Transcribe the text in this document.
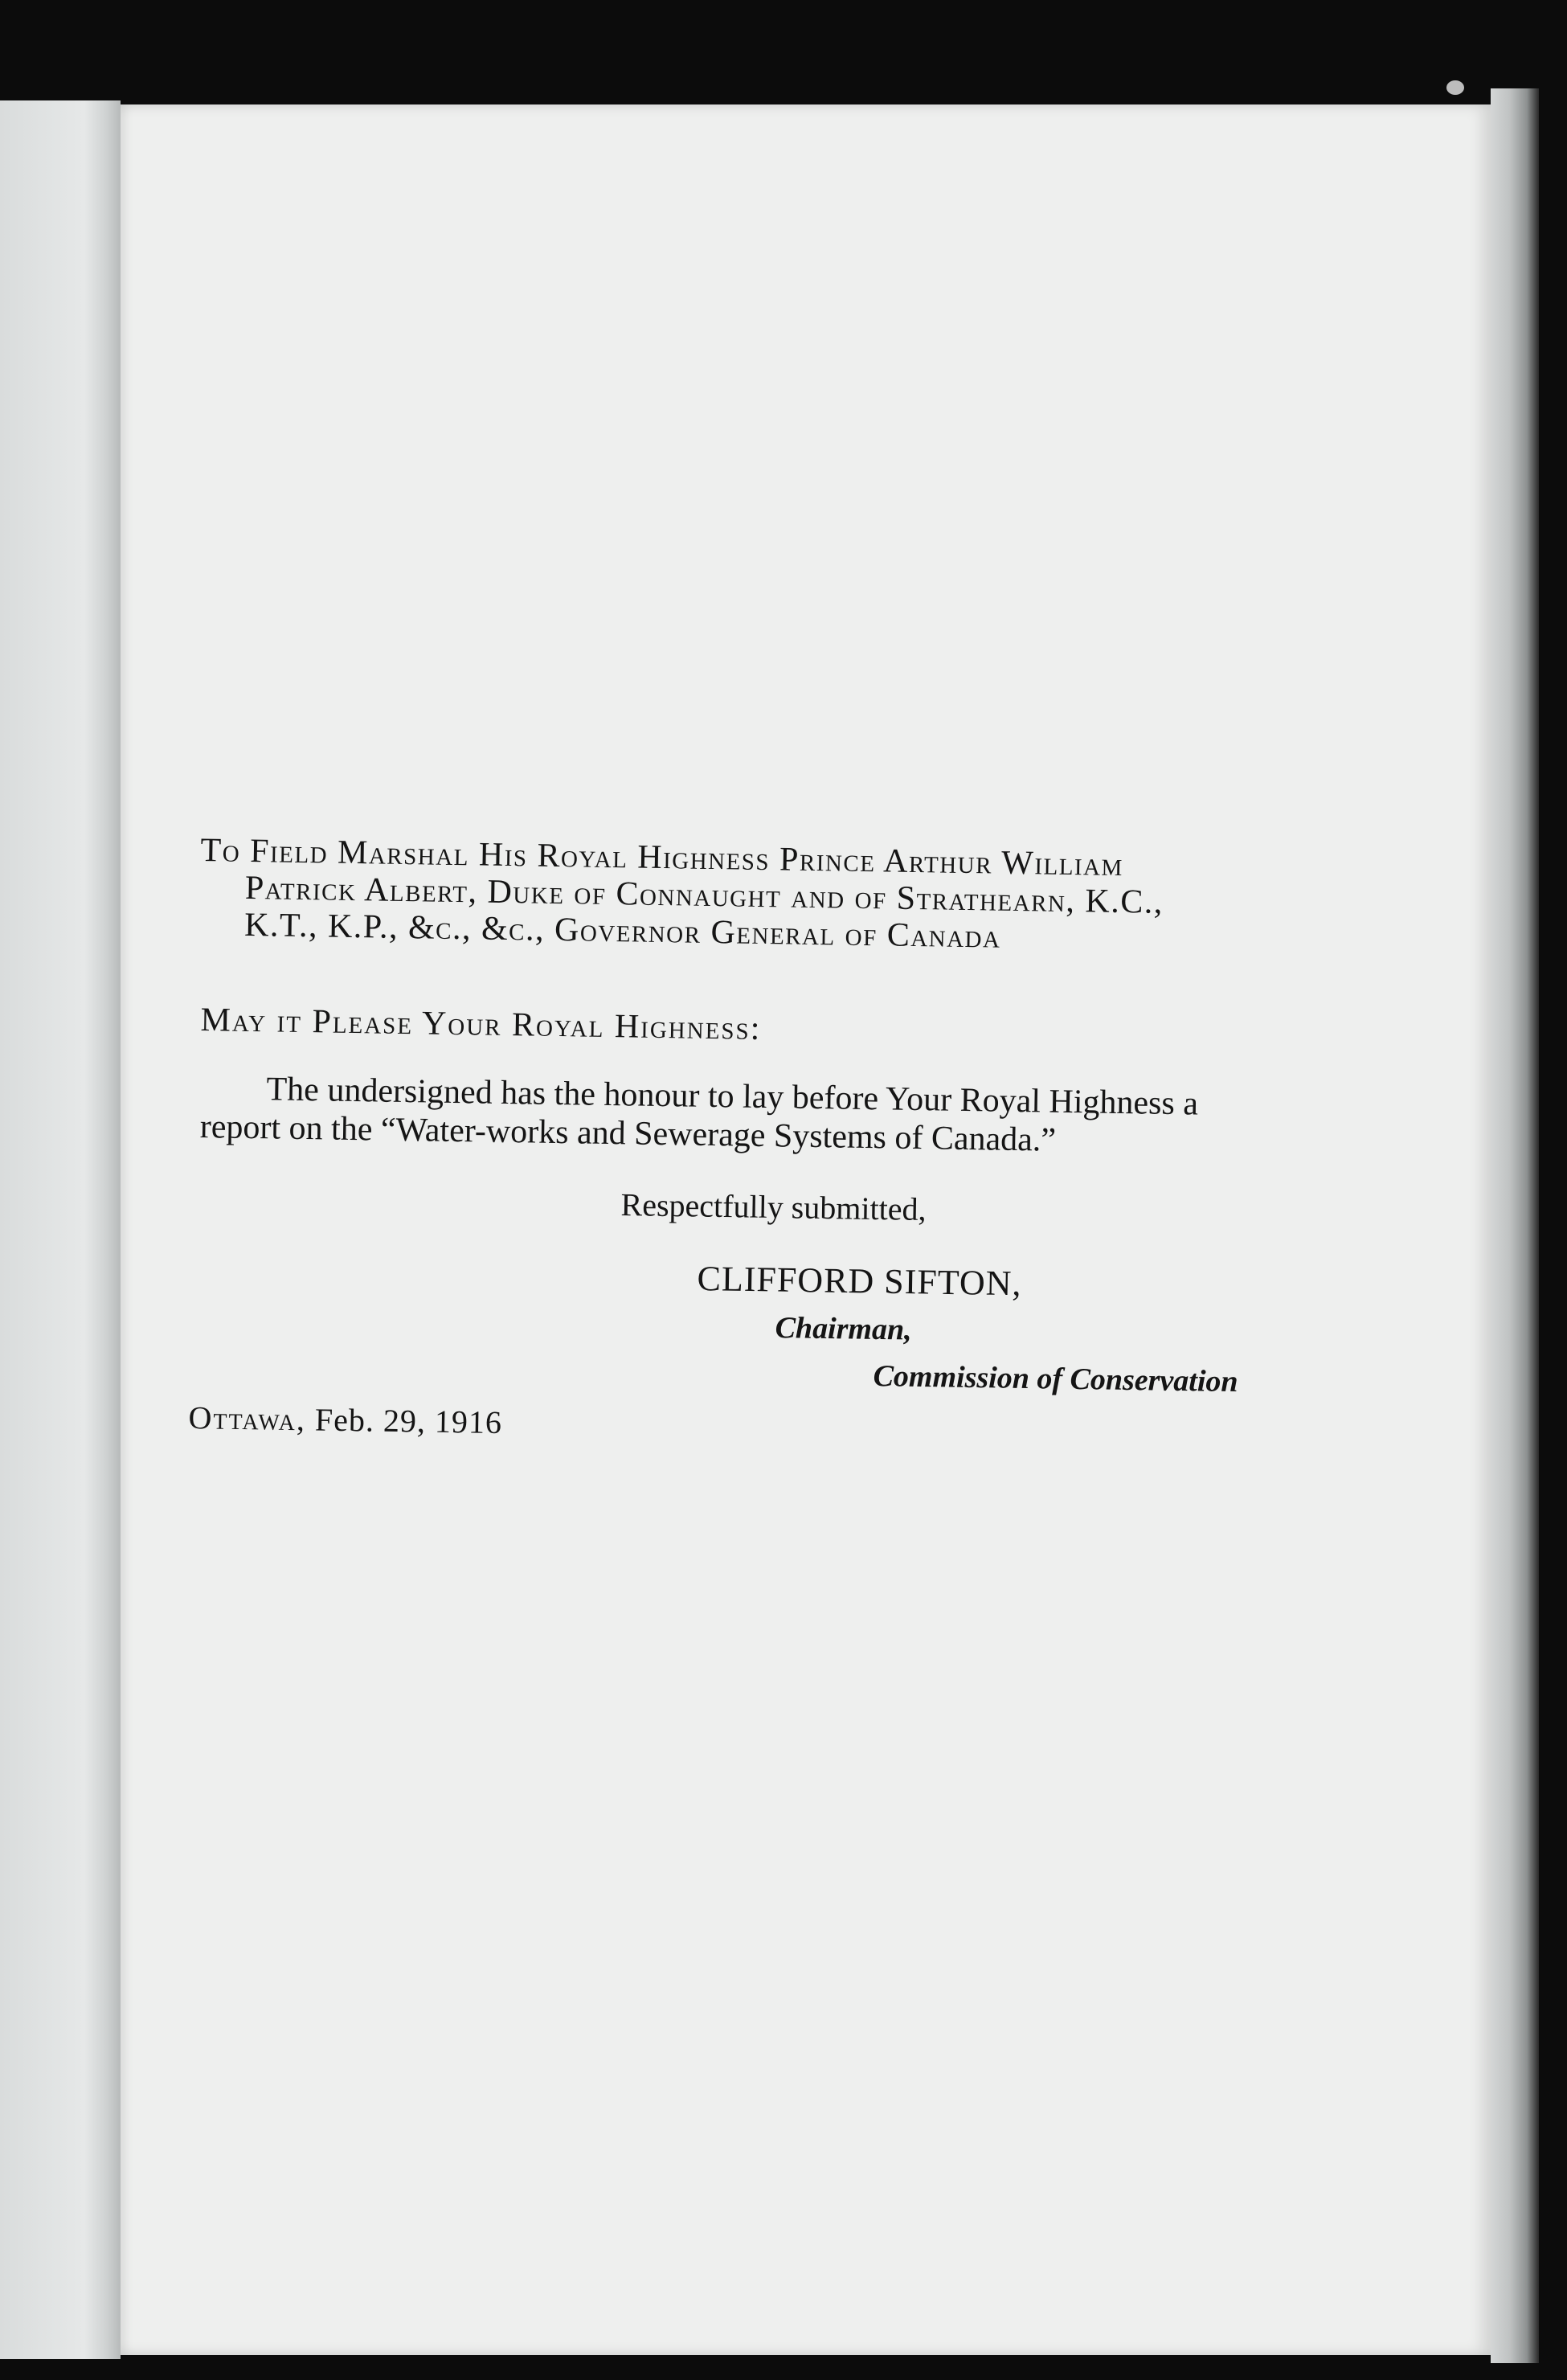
To Field Marshal His Royal Highness Prince Arthur William
Patrick Albert, Duke of Connaught and of Strathearn, K.C.,
K.T., K.P., &c., &c., Governor General of Canada
May it Please Your Royal Highness:
The undersigned has the honour to lay before Your Royal Highness a
report on the “Water-works and Sewerage Systems of Canada.”
Respectfully submitted,
CLIFFORD SIFTON,
Chairman,
Commission of Conservation
Ottawa, Feb. 29, 1916
